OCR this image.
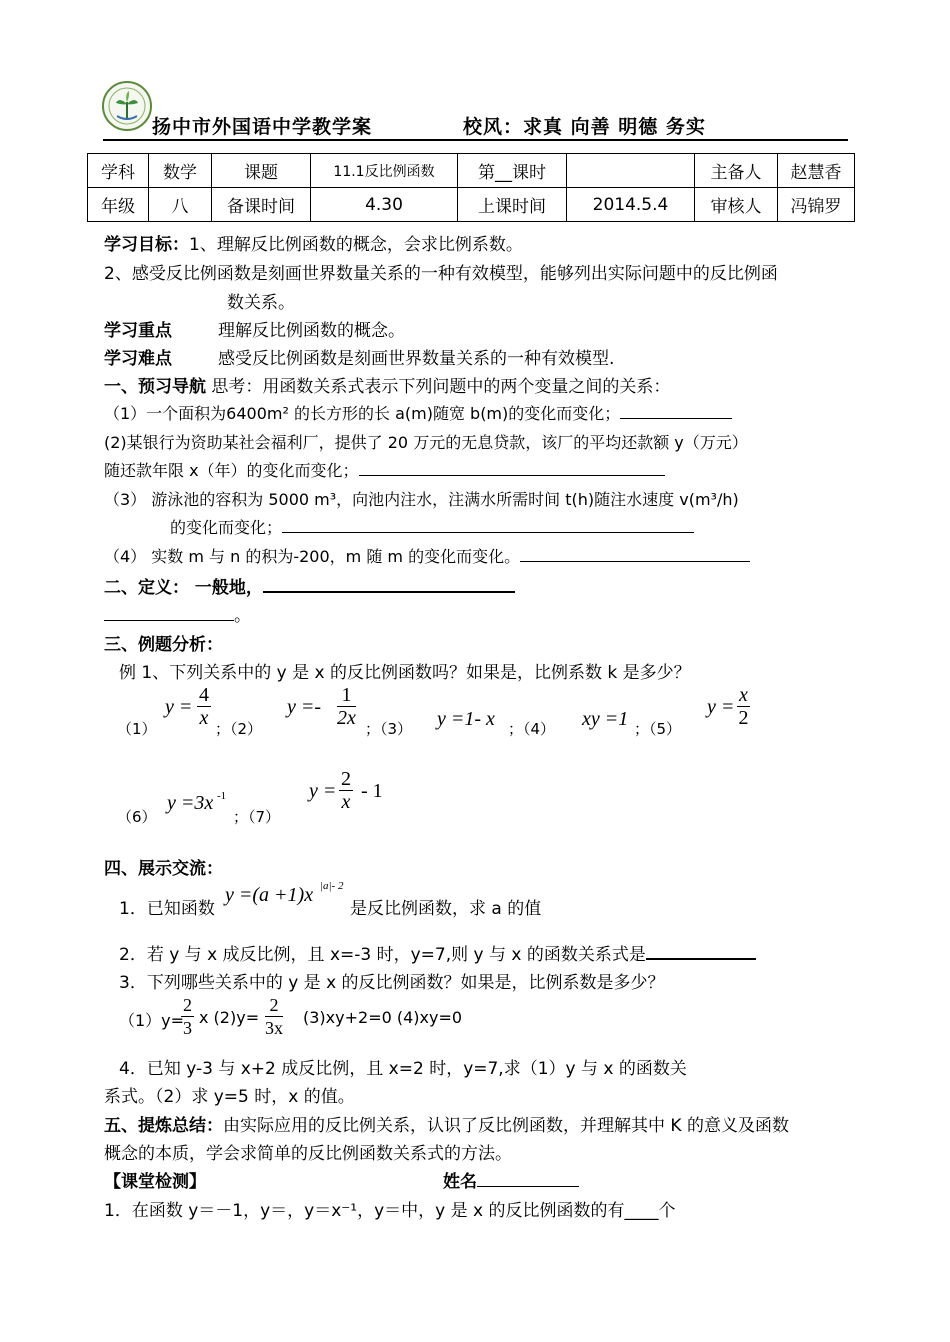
扬中市外国语中学教学案	校风：求真 向善 明德 务实
学科	数学	课题	11.1反比例函数	第__课时		主备人	赵慧香
年级	八	备课时间	4.30	上课时间	2014.5.4	审核人	冯锦罗
学习目标：1、理解反比例函数的概念，会求比例系数。
2、感受反比例函数是刻画世界数量关系的一种有效模型，能够列出实际问题中的反比例函
数关系。
学习重点	理解反比例函数的概念。
学习难点	感受反比例函数是刻画世界数量关系的一种有效模型.
一、预习导航 思考：用函数关系式表示下列问题中的两个变量之间的关系：
（1）一个面积为6400m² 的长方形的长 a(m)随宽 b(m)的变化而变化；
(2)某银行为资助某社会福利厂，提供了 20 万元的无息贷款，该厂的平均还款额 y（万元）
随还款年限 x（年）的变化而变化；
（3） 游泳池的容积为 5000 m³，向池内注水，注满水所需时间 t(h)随注水速度 v(m³/h)
的变化而变化；
（4） 实数 m 与 n 的积为-200，m 随 m 的变化而变化。
二、定义： 一般地，
。
三、例题分析：
例 1、下列关系中的 y 是 x 的反比例函数吗？如果是，比例系数 k 是多少？
（1）
$y = \frac{4}{x}$ ；（2）
$y =- \frac{1}{2x}$ ；（3） y =1- x ；（4） xy =1 ；（5）
$y = \frac{x}{2}$
（6）
y =3x -1
；（7）
$y = \frac{2}{x} - 1$
四、展示交流：
1．已知函数
y =(a +1)x |a|- 2
是反比例函数，求 a 的值
2．若 y 与 x 成反比例，且 x=-3 时，y=7,则 y 与 x 的函数关系式是
3．下列哪些关系中的 y 是 x 的反比例函数？如果是，比例系数是多少？
（1）y=
$\frac{2}{3}$ x $(2)y= \frac{2}{3x} (3)xy+2=0$ (4)xy=0
4．已知 y-3 与 x+2 成反比例，且 x=2 时，y=7,求（1）y 与 x 的函数关
系式。（2）求 y=5 时，x 的值。
五、提炼总结：由实际应用的反比例关系，认识了反比例函数，并理解其中 K 的意义及函数
概念的本质，学会求简单的反比例函数关系式的方法。
【课堂检测】	姓名
1．在函数 y＝－1，y＝，y＝x⁻¹，y＝中，y 是 x 的反比例函数的有____个
